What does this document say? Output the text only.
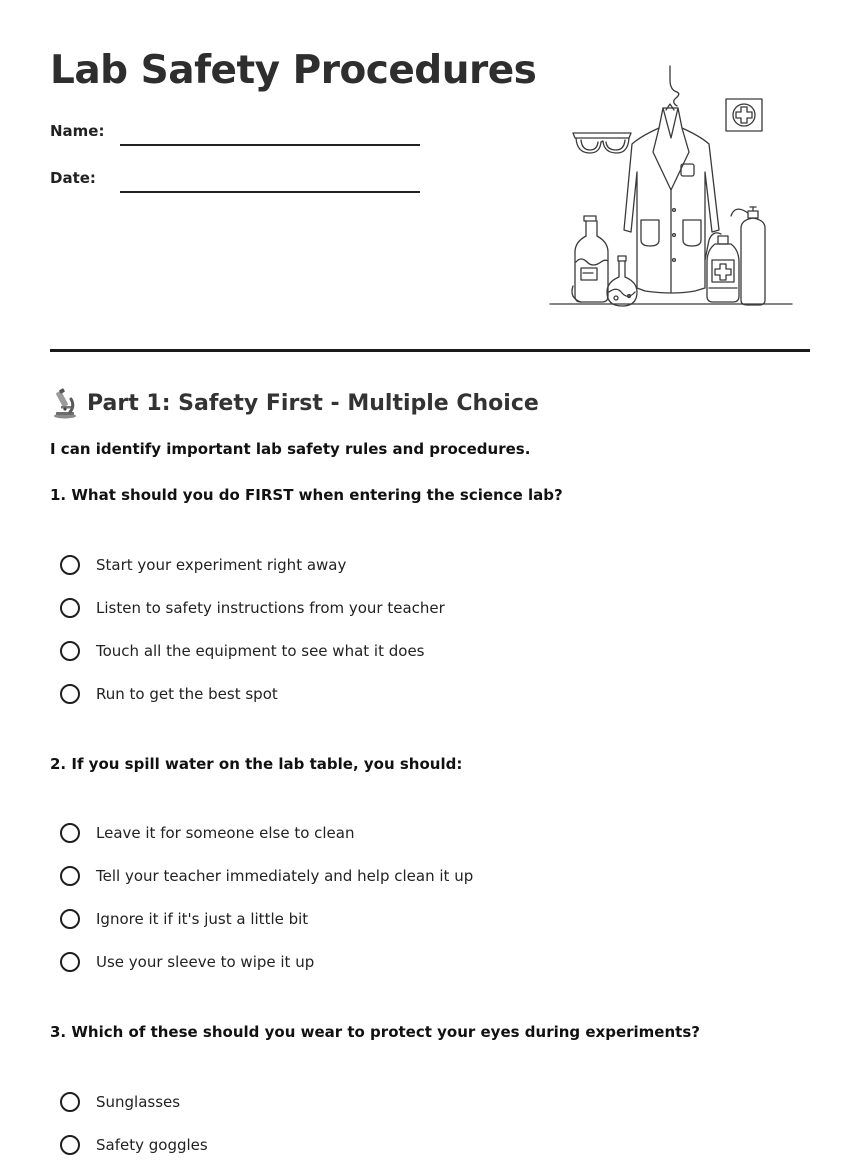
Lab Safety Procedures
Name:
Date:
Part 1: Safety First - Multiple Choice
I can identify important lab safety rules and procedures.
1. What should you do FIRST when entering the science lab?
Start your experiment right away
Listen to safety instructions from your teacher
Touch all the equipment to see what it does
Run to get the best spot
2. If you spill water on the lab table, you should:
Leave it for someone else to clean
Tell your teacher immediately and help clean it up
Ignore it if it's just a little bit
Use your sleeve to wipe it up
3. Which of these should you wear to protect your eyes during experiments?
Sunglasses
Safety goggles
